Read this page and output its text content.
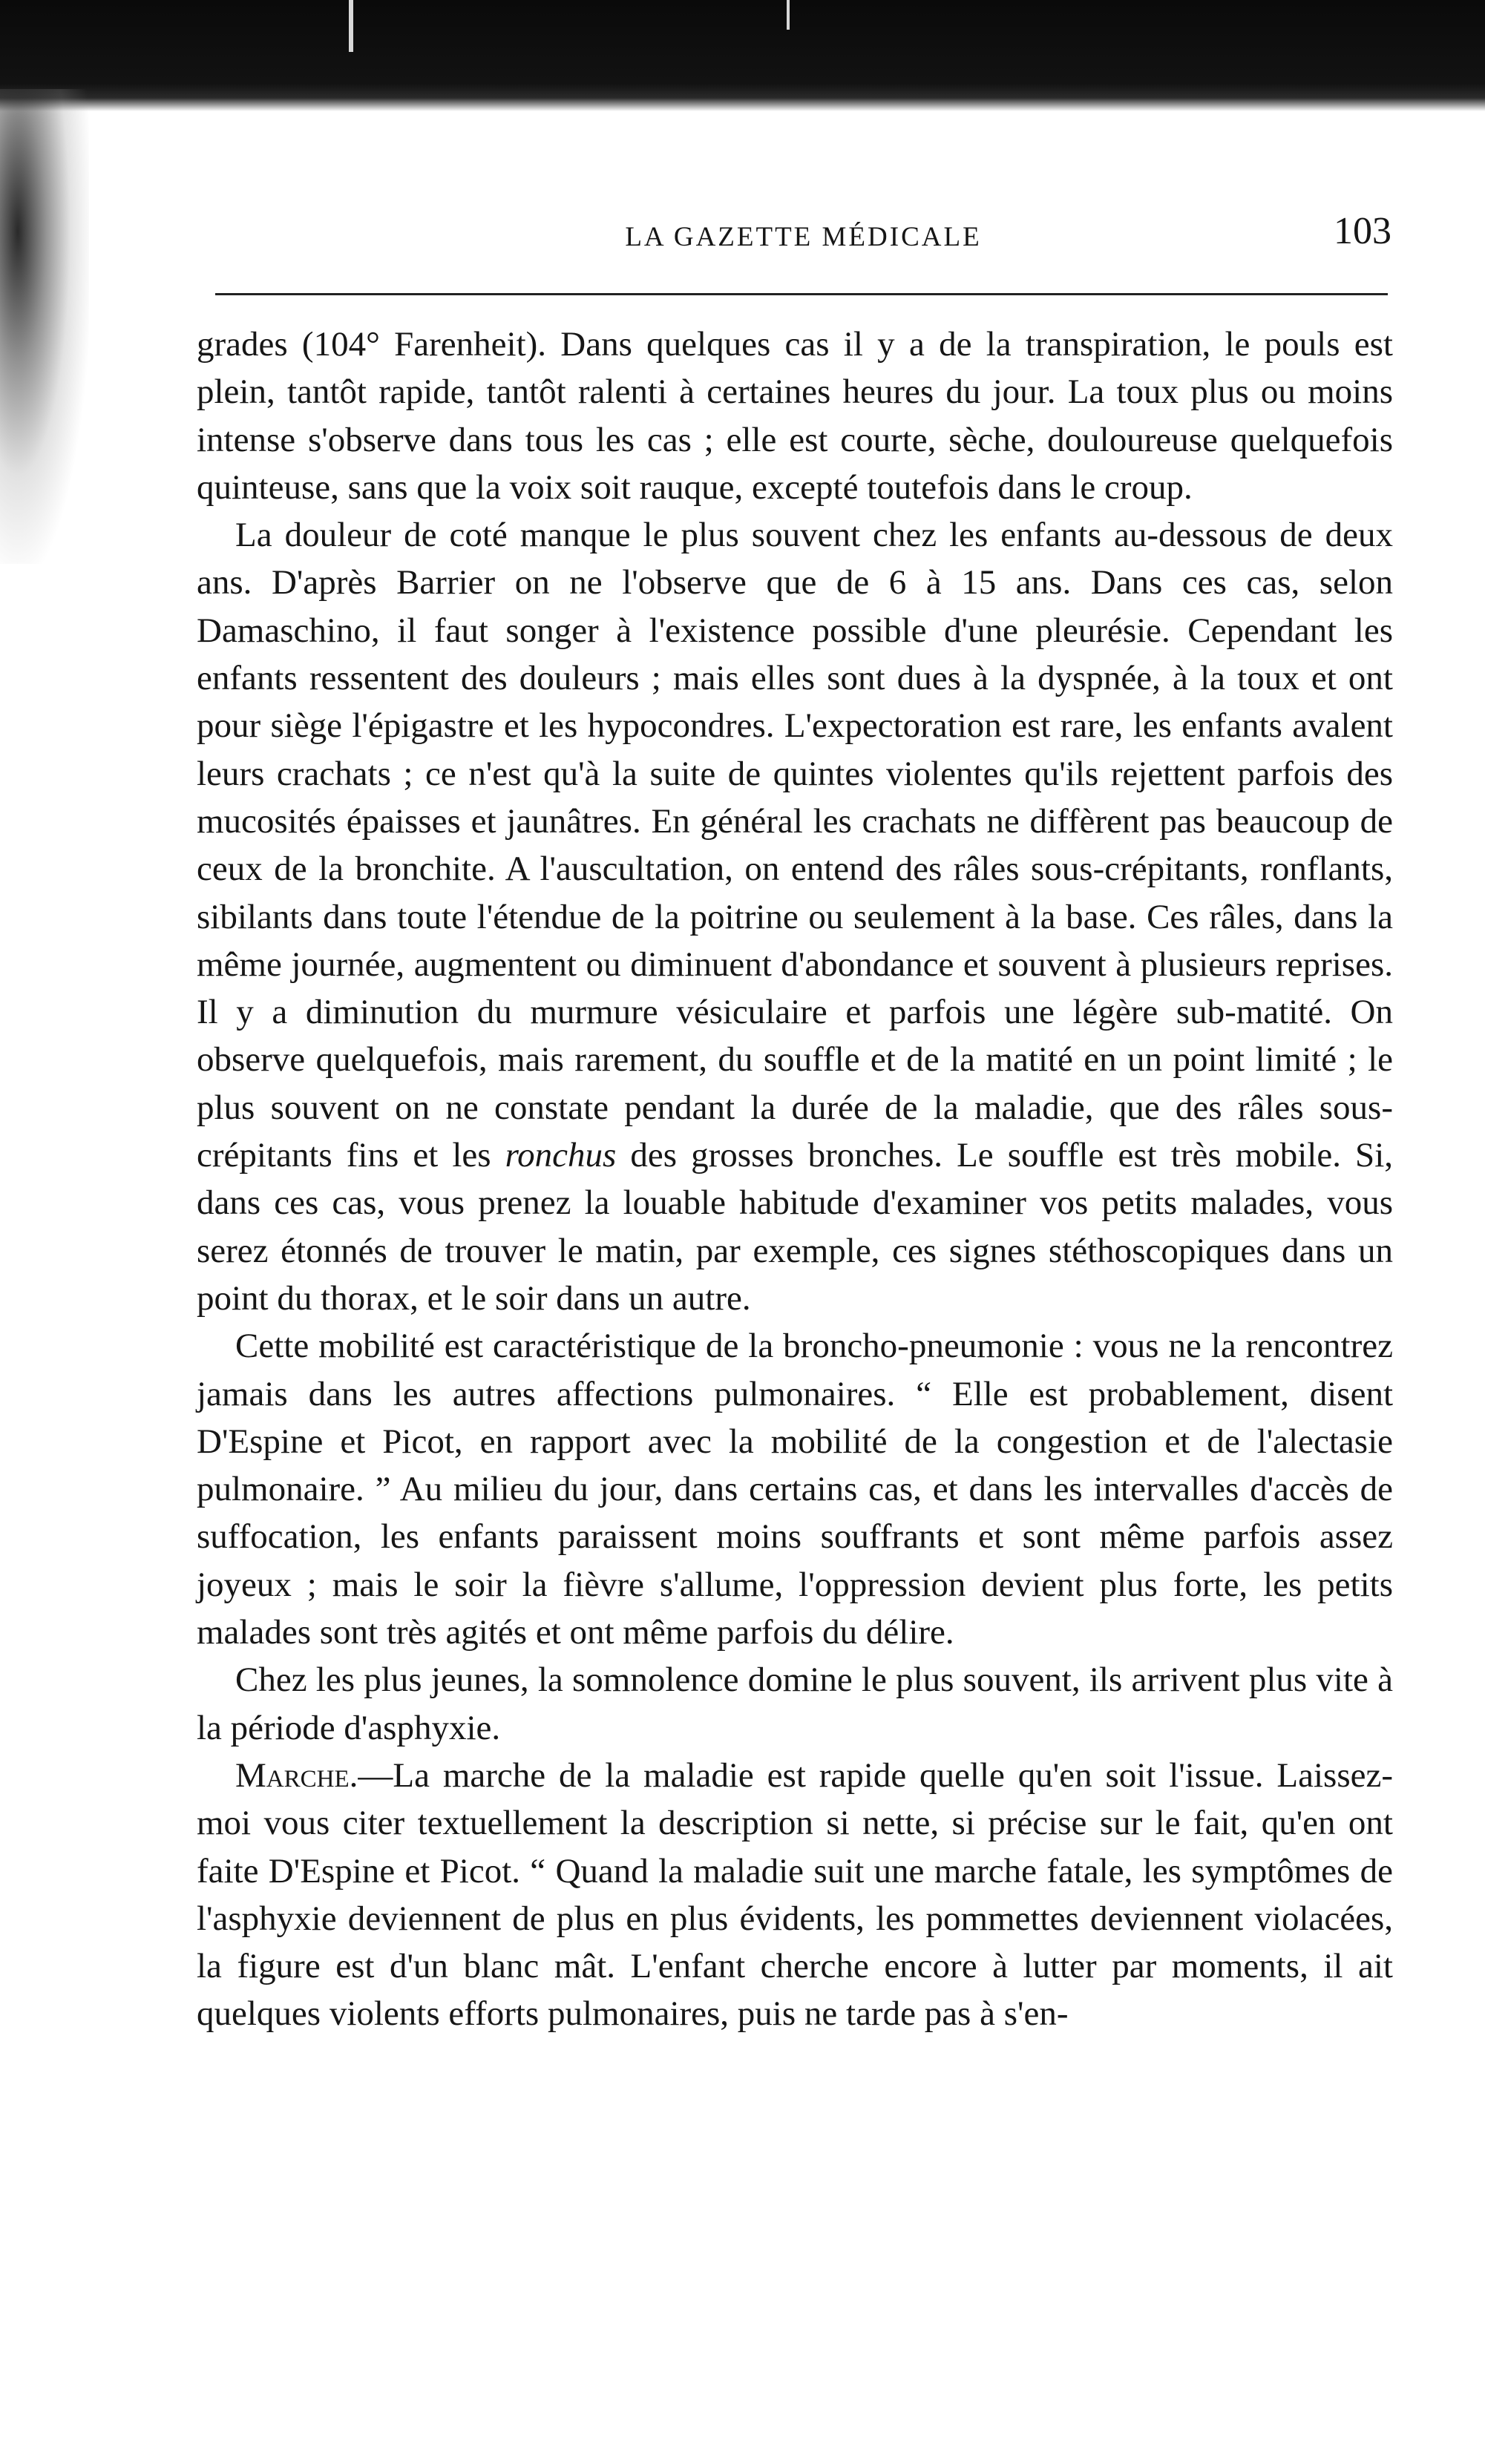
LA GAZETTE MÉDICALE	103

grades (104° Farenheit). Dans quelques cas il y a de la transpiration, le pouls est plein, tantôt rapide, tantôt ralenti à certaines heures du jour. La toux plus ou moins intense s'observe dans tous les cas ; elle est courte, sèche, douloureuse quelquefois quinteuse, sans que la voix soit rauque, excepté toutefois dans le croup.

La douleur de coté manque le plus souvent chez les enfants au-dessous de deux ans. D'après Barrier on ne l'observe que de 6 à 15 ans. Dans ces cas, selon Damaschino, il faut songer à l'existence possible d'une pleurésie. Cependant les enfants ressentent des douleurs ; mais elles sont dues à la dyspnée, à la toux et ont pour siège l'épigastre et les hypocondres. L'expectoration est rare, les enfants avalent leurs crachats ; ce n'est qu'à la suite de quintes violentes qu'ils rejettent parfois des mucosités épaisses et jaunâtres. En général les crachats ne diffèrent pas beaucoup de ceux de la bronchite. A l'auscultation, on entend des râles sous-crépitants, ronflants, sibilants dans toute l'étendue de la poitrine ou seulement à la base. Ces râles, dans la même journée, augmentent ou diminuent d'abondance et souvent à plusieurs reprises. Il y a diminution du murmure vésiculaire et parfois une légère sub-matité. On observe quelquefois, mais rarement, du souffle et de la matité en un point limité ; le plus souvent on ne constate pendant la durée de la maladie, que des râles sous-crépitants fins et les ronchus des grosses bronches. Le souffle est très mobile. Si, dans ces cas, vous prenez la louable habitude d'examiner vos petits malades, vous serez étonnés de trouver le matin, par exemple, ces signes stéthoscopiques dans un point du thorax, et le soir dans un autre.

Cette mobilité est caractéristique de la broncho-pneumonie : vous ne la rencontrez jamais dans les autres affections pulmonaires. “ Elle est probablement, disent D'Espine et Picot, en rapport avec la mobilité de la congestion et de l'alectasie pulmonaire. ” Au milieu du jour, dans certains cas, et dans les intervalles d'accès de suffocation, les enfants paraissent moins souffrants et sont même parfois assez joyeux ; mais le soir la fièvre s'allume, l'oppression devient plus forte, les petits malades sont très agités et ont même parfois du délire.

Chez les plus jeunes, la somnolence domine le plus souvent, ils arrivent plus vite à la période d'asphyxie.

Marche.—La marche de la maladie est rapide quelle qu'en soit l'issue. Laissez-moi vous citer textuellement la description si nette, si précise sur le fait, qu'en ont faite D'Espine et Picot. “ Quand la maladie suit une marche fatale, les symptômes de l'asphyxie deviennent de plus en plus évidents, les pommettes deviennent violacées, la figure est d'un blanc mât. L'enfant cherche encore à lutter par moments, il ait quelques violents efforts pulmonaires, puis ne tarde pas à s'en-
